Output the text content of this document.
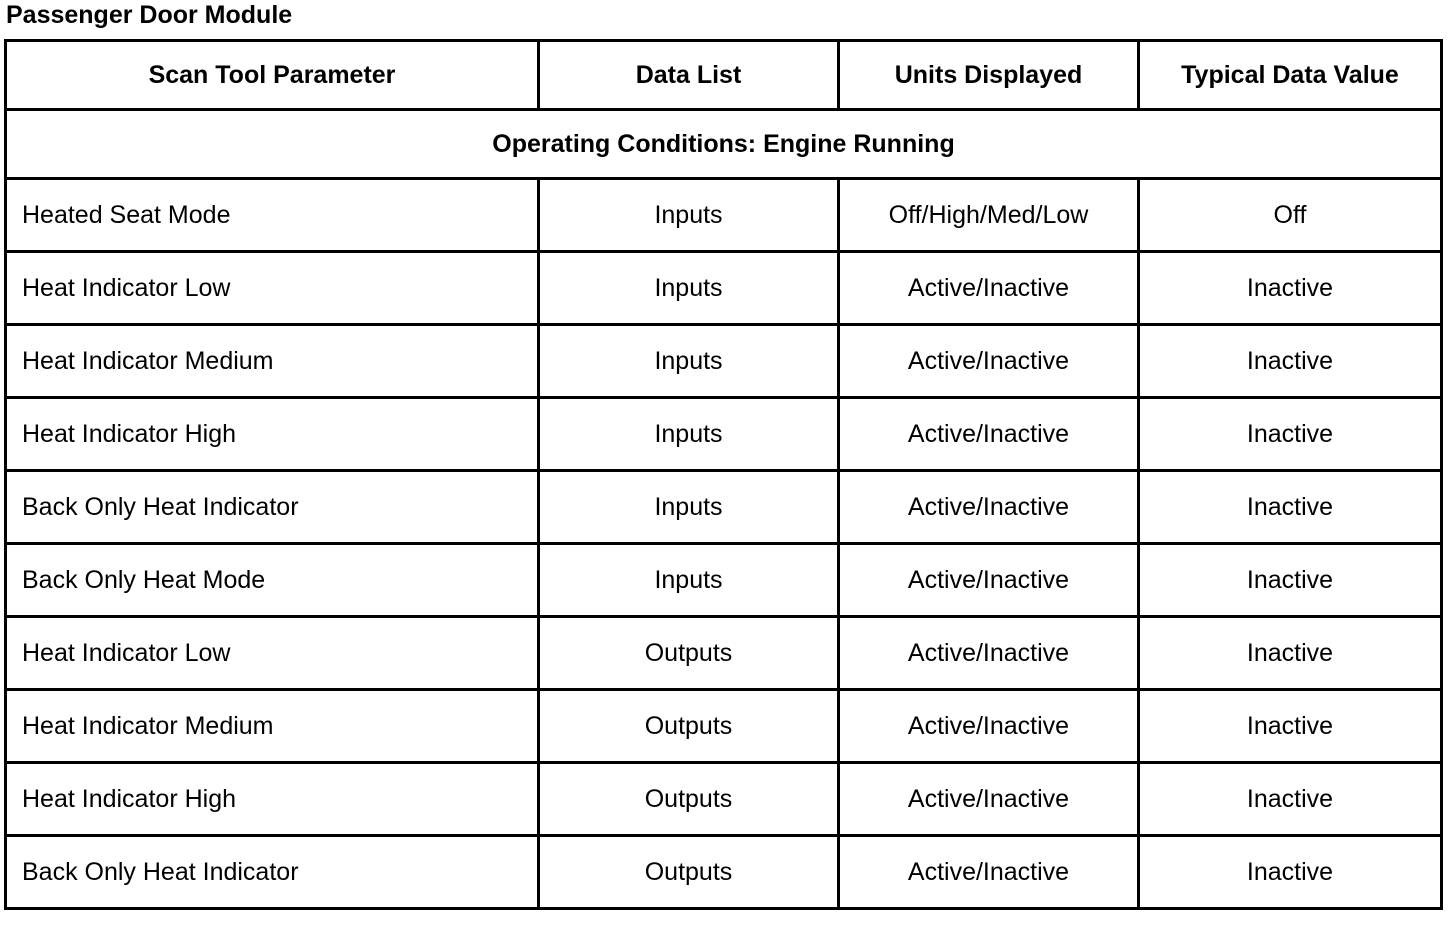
Passenger Door Module
Scan Tool Parameter	Data List	Units Displayed	Typical Data Value
Operating Conditions: Engine Running			
Heated Seat Mode	Inputs	Off/High/Med/Low	Off
Heat Indicator Low	Inputs	Active/Inactive	Inactive
Heat Indicator Medium	Inputs	Active/Inactive	Inactive
Heat Indicator High	Inputs	Active/Inactive	Inactive
Back Only Heat Indicator	Inputs	Active/Inactive	Inactive
Back Only Heat Mode	Inputs	Active/Inactive	Inactive
Heat Indicator Low	Outputs	Active/Inactive	Inactive
Heat Indicator Medium	Outputs	Active/Inactive	Inactive
Heat Indicator High	Outputs	Active/Inactive	Inactive
Back Only Heat Indicator	Outputs	Active/Inactive	Inactive
